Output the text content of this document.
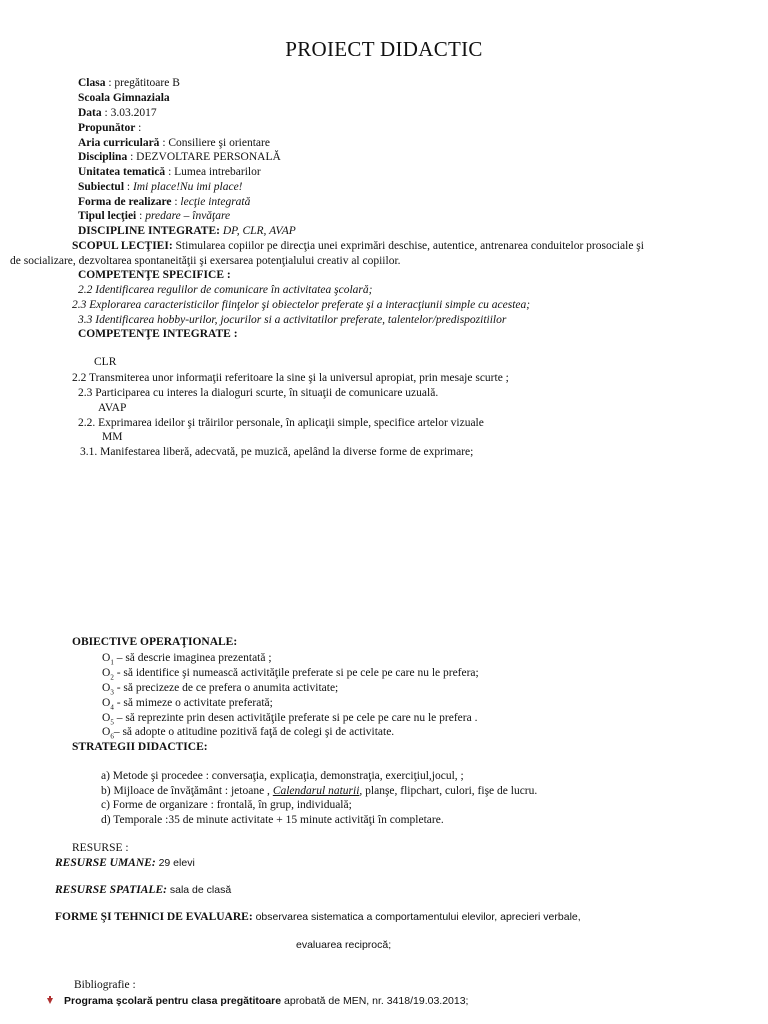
PROIECT DIDACTIC
Clasa : pregătitoare B
Scoala Gimnaziala
Data : 3.03.2017
Propunător :
Aria curriculară : Consiliere şi orientare
Disciplina : DEZVOLTARE PERSONALĂ
Unitatea tematică : Lumea intrebarilor
Subiectul : Imi place!Nu imi place!
Forma de realizare : lecţie integrată
Tipul lecţiei : predare – învăţare
DISCIPLINE INTEGRATE: DP, CLR, AVAP
SCOPUL LECŢIEI: Stimularea copiilor pe direcţia unei exprimări deschise, autentice, antrenarea conduitelor prosociale şi
de socializare, dezvoltarea spontaneităţii şi exersarea potenţialului creativ al copiilor.
COMPETENŢE SPECIFICE :
2.2 Identificarea regulilor de comunicare în activitatea şcolară;
2.3 Explorarea caracteristicilor fiinţelor şi obiectelor preferate şi a interacţiunii simple cu acestea;
3.3 Identificarea hobby-urilor, jocurilor si a activitatilor preferate, talentelor/predispozitiilor
COMPETENŢE INTEGRATE :
CLR
2.2 Transmiterea unor informaţii referitoare la sine şi la universul apropiat, prin mesaje scurte ;
2.3 Participarea cu interes la dialoguri scurte, în situaţii de comunicare uzuală.
AVAP
2.2. Exprimarea ideilor şi trăirilor personale, în aplicaţii simple, specifice artelor vizuale
MM
3.1. Manifestarea liberă, adecvată, pe muzică, apelând la diverse forme de exprimare;
OBIECTIVE OPERAŢIONALE:
$O_1$ – să descrie imaginea prezentată ;
$O_2$ - să identifice şi numească activităţile preferate si pe cele pe care nu le prefera;
$O_3$ - să precizeze de ce prefera o anumita activitate;
$O_4$ - să mimeze o activitate preferată;
$O_5$ – să reprezinte prin desen activităţile preferate si pe cele pe care nu le prefera .
$O_6-$ să adopte o atitudine pozitivă faţă de colegi şi de activitate.
STRATEGII DIDACTICE:
a) Metode şi procedee : conversaţia, explicaţia, demonstraţia, exerciţiul,jocul, ;
b) Mijloace de învăţământ : jetoane , Calendarul naturii, planşe, flipchart, culori, fişe de lucru.
c) Forme de organizare : frontală, în grup, individuală;
d) Temporale :35 de minute activitate + 15 minute activităţi în completare.
RESURSE :
RESURSE UMANE: 29 elevi
RESURSE SPATIALE: sala de clasă
FORME ŞI TEHNICI DE EVALUARE: observarea sistematica a comportamentului elevilor, aprecieri verbale,
evaluarea reciprocă;
Bibliografie :
Programa şcolară pentru clasa pregătitoare aprobată de MEN, nr. 3418/19.03.2013;
